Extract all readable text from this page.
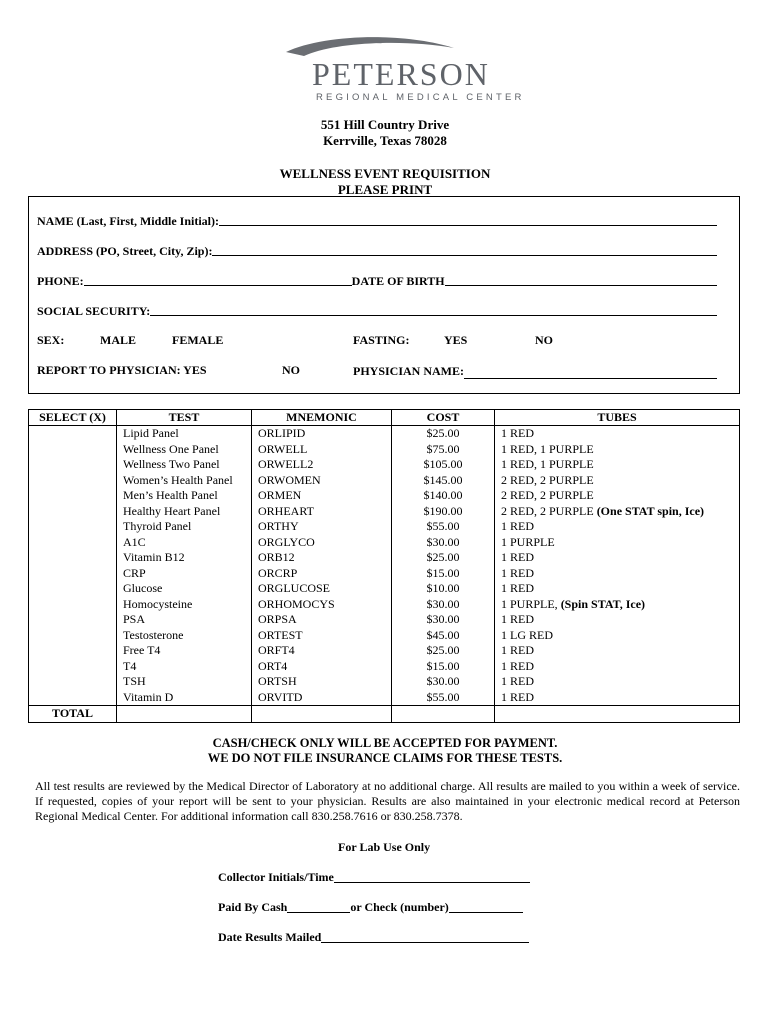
PETERSON
REGIONAL MEDICAL CENTER
551 Hill Country Drive
Kerrville, Texas 78028
WELLNESS EVENT REQUISITION
PLEASE PRINT
NAME (Last, First, Middle Initial):
ADDRESS (PO, Street, City, Zip):
PHONE:	DATE OF BIRTH
SOCIAL SECURITY:
SEX:	MALE	FEMALE	FASTING:	YES	NO
REPORT TO PHYSICIAN: YES	NO	PHYSICIAN NAME:
SELECT (X)	TEST	MNEMONIC	COST	TUBES
	Lipid Panel	ORLIPID	$25.00	1 RED
	Wellness One Panel	ORWELL	$75.00	1 RED, 1 PURPLE
	Wellness Two Panel	ORWELL2	$105.00	1 RED, 1 PURPLE
	Women’s Health Panel	ORWOMEN	$145.00	2 RED, 2 PURPLE
	Men’s Health Panel	ORMEN	$140.00	2 RED, 2 PURPLE
	Healthy Heart Panel	ORHEART	$190.00	2 RED, 2 PURPLE (One STAT spin, Ice)
	Thyroid Panel	ORTHY	$55.00	1 RED
	A1C	ORGLYCO	$30.00	1 PURPLE
	Vitamin B12	ORB12	$25.00	1 RED
	CRP	ORCRP	$15.00	1 RED
	Glucose	ORGLUCOSE	$10.00	1 RED
	Homocysteine	ORHOMOCYS	$30.00	1 PURPLE, (Spin STAT, Ice)
	PSA	ORPSA	$30.00	1 RED
	Testosterone	ORTEST	$45.00	1 LG RED
	Free T4	ORFT4	$25.00	1 RED
	T4	ORT4	$15.00	1 RED
	TSH	ORTSH	$30.00	1 RED
	Vitamin D	ORVITD	$55.00	1 RED
TOTAL				
CASH/CHECK ONLY WILL BE ACCEPTED FOR PAYMENT.
WE DO NOT FILE INSURANCE CLAIMS FOR THESE TESTS.
All test results are reviewed by the Medical Director of Laboratory at no additional charge. All results are mailed to you within a week of service. If requested, copies of your report will be sent to your physician. Results are also maintained in your electronic medical record at Peterson Regional Medical Center. For additional information call 830.258.7616 or 830.258.7378.
For Lab Use Only
Collector Initials/Time
Paid By Cash	or Check (number)
Date Results Mailed
